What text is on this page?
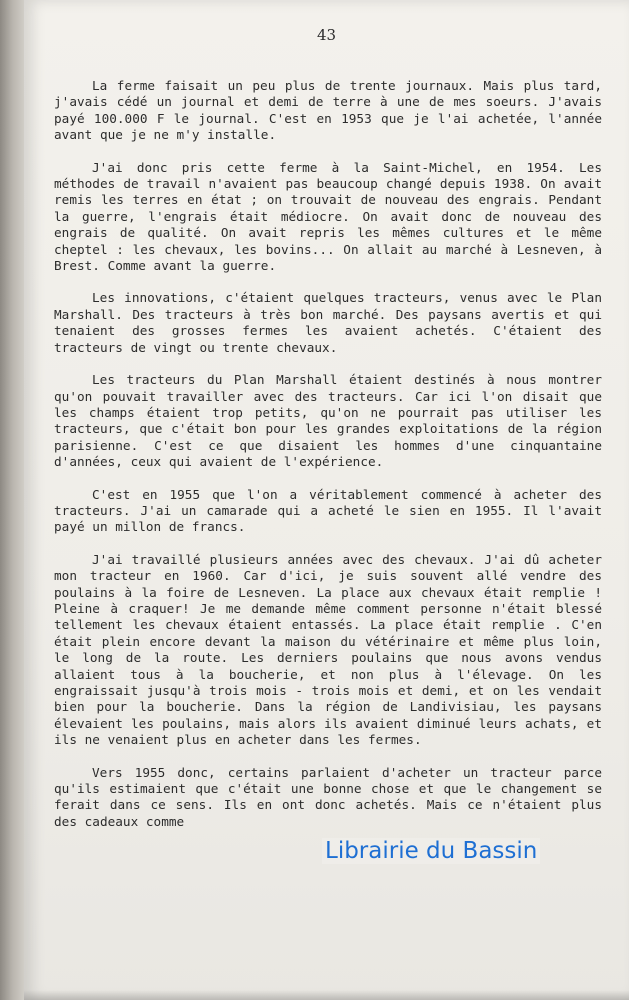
43

La ferme faisait un peu plus de trente journaux. Mais plus tard, j'avais cédé un journal et demi de terre à une de mes soeurs. J'avais payé 100.000 F le journal. C'est en 1953 que je l'ai achetée, l'année avant que je ne m'y installe.

J'ai donc pris cette ferme à la Saint-Michel, en 1954. Les méthodes de travail n'avaient pas beaucoup changé depuis 1938. On avait remis les terres en état ; on trouvait de nouveau des engrais. Pendant la guerre, l'engrais était médiocre. On avait donc de nouveau des engrais de qualité. On avait repris les mêmes cultures et le même cheptel : les chevaux, les bovins... On allait au marché à Lesneven, à Brest. Comme avant la guerre.

Les innovations, c'étaient quelques tracteurs, venus avec le Plan Marshall. Des tracteurs à très bon marché. Des paysans avertis et qui tenaient des grosses fermes les avaient achetés. C'étaient des tracteurs de vingt ou trente chevaux.

Les tracteurs du Plan Marshall étaient destinés à nous montrer qu'on pouvait travailler avec des tracteurs. Car ici l'on disait que les champs étaient trop petits, qu'on ne pourrait pas utiliser les tracteurs, que c'était bon pour les grandes exploitations de la région parisienne. C'est ce que disaient les hommes d'une cinquantaine d'années, ceux qui avaient de l'expérience.

C'est en 1955 que l'on a véritablement commencé à acheter des tracteurs. J'ai un camarade qui a acheté le sien en 1955. Il l'avait payé un millon de francs.

J'ai travaillé plusieurs années avec des chevaux. J'ai dû acheter mon tracteur en 1960. Car d'ici, je suis souvent allé vendre des poulains à la foire de Lesneven. La place aux chevaux était remplie ! Pleine à craquer! Je me demande même comment personne n'était blessé tellement les chevaux étaient entassés. La place était remplie . C'en était plein encore devant la maison du vétérinaire et même plus loin, le long de la route. Les derniers poulains que nous avons vendus allaient tous à la boucherie, et non plus à l'élevage. On les engraissait jusqu'à trois mois - trois mois et demi, et on les vendait bien pour la boucherie. Dans la région de Landivisiau, les paysans élevaient les poulains, mais alors ils avaient diminué leurs achats, et ils ne venaient plus en acheter dans les fermes.

Vers 1955 donc, certains parlaient d'acheter un tracteur parce qu'ils estimaient que c'était une bonne chose et que le changement se ferait dans ce sens. Ils en ont donc achetés. Mais ce n'étaient plus des cadeaux comme

Librairie du Bassin
